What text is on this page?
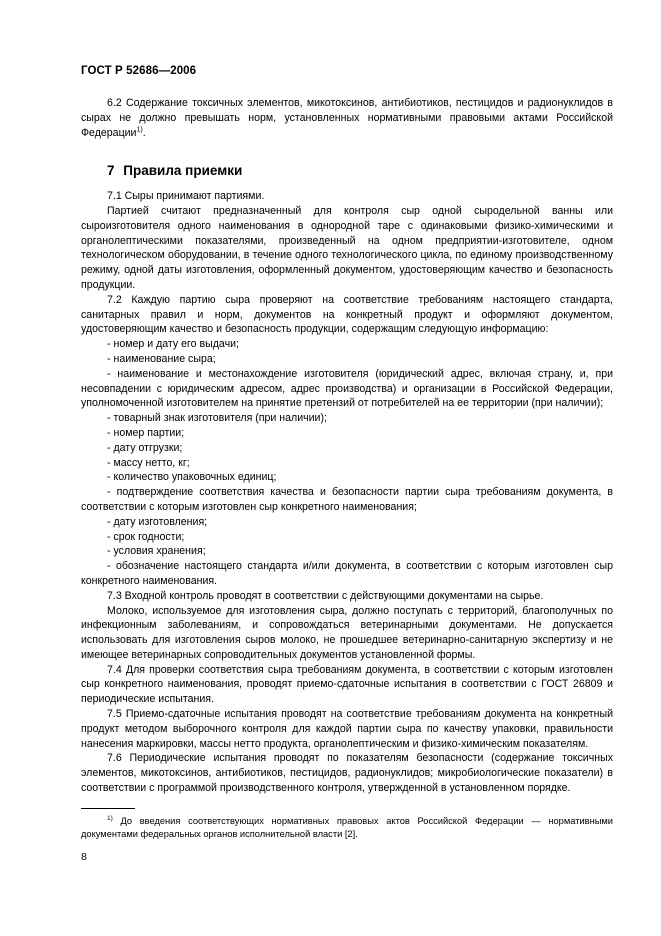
ГОСТ Р 52686—2006

6.2 Содержание токсичных элементов, микотоксинов, антибиотиков, пестицидов и радионуклидов в сырах не должно превышать норм, установленных нормативными правовыми актами Российской Федерации$^{1)}$.

7 Правила приемки

7.1 Сыры принимают партиями.

Партией считают предназначенный для контроля сыр одной сыродельной ванны или сыроизготовителя одного наименования в однородной таре с одинаковыми физико-химическими и органолептическими показателями, произведенный на одном предприятии-изготовителе, одном технологическом оборудовании, в течение одного технологического цикла, по единому производственному режиму, одной даты изготовления, оформленный документом, удостоверяющим качество и безопасность продукции.

7.2 Каждую партию сыра проверяют на соответствие требованиям настоящего стандарта, санитарных правил и норм, документов на конкретный продукт и оформляют документом, удостоверяющим качество и безопасность продукции, содержащим следующую информацию:

- номер и дату его выдачи;

- наименование сыра;

- наименование и местонахождение изготовителя (юридический адрес, включая страну, и, при несовпадении с юридическим адресом, адрес производства) и организации в Российской Федерации, уполномоченной изготовителем на принятие претензий от потребителей на ее территории (при наличии);

- товарный знак изготовителя (при наличии);

- номер партии;

- дату отгрузки;

- массу нетто, кг;

- количество упаковочных единиц;

- подтверждение соответствия качества и безопасности партии сыра требованиям документа, в соответствии с которым изготовлен сыр конкретного наименования;

- дату изготовления;

- срок годности;

- условия хранения;

- обозначение настоящего стандарта и/или документа, в соответствии с которым изготовлен сыр конкретного наименования.

7.3 Входной контроль проводят в соответствии с действующими документами на сырье.

Молоко, используемое для изготовления сыра, должно поступать с территорий, благополучных по инфекционным заболеваниям, и сопровождаться ветеринарными документами. Не допускается использовать для изготовления сыров молоко, не прошедшее ветеринарно-санитарную экспертизу и не имеющее ветеринарных сопроводительных документов установленной формы.

7.4 Для проверки соответствия сыра требованиям документа, в соответствии с которым изготовлен сыр конкретного наименования, проводят приемо-сдаточные испытания в соответствии с ГОСТ 26809 и периодические испытания.

7.5 Приемо-сдаточные испытания проводят на соответствие требованиям документа на конкретный продукт методом выборочного контроля для каждой партии сыра по качеству упаковки, правильности нанесения маркировки, массы нетто продукта, органолептическим и физико-химическим показателям.

7.6 Периодические испытания проводят по показателям безопасности (содержание токсичных элементов, микотоксинов, антибиотиков, пестицидов, радионуклидов; микробиологические показатели) в соответствии с программой производственного контроля, утвержденной в установленном порядке.

$^{1)}$ До введения соответствующих нормативных правовых актов Российской Федерации — нормативными документами федеральных органов исполнительной власти [2].
8
